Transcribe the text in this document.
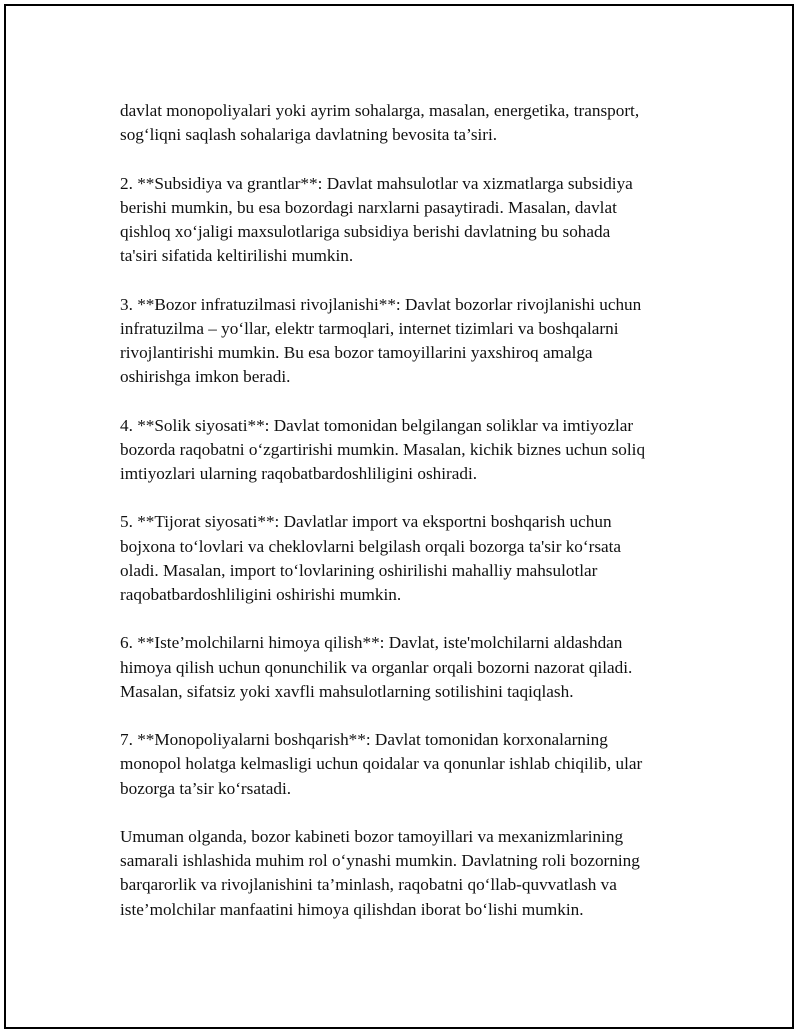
davlat monopoliyalari yoki ayrim sohalarga, masalan, energetika, transport,
sog‘liqni saqlash sohalariga davlatning bevosita ta’siri.

2. **Subsidiya va grantlar**: Davlat mahsulotlar va xizmatlarga subsidiya
berishi mumkin, bu esa bozordagi narxlarni pasaytiradi. Masalan, davlat
qishloq xo‘jaligi maxsulotlariga subsidiya berishi davlatning bu sohada
ta'siri sifatida keltirilishi mumkin.

3. **Bozor infratuzilmasi rivojlanishi**: Davlat bozorlar rivojlanishi uchun
infratuzilma – yo‘llar, elektr tarmoqlari, internet tizimlari va boshqalarni
rivojlantirishi mumkin. Bu esa bozor tamoyillarini yaxshiroq amalga
oshirishga imkon beradi.

4. **Solik siyosati**: Davlat tomonidan belgilangan soliklar va imtiyozlar
bozorda raqobatni o‘zgartirishi mumkin. Masalan, kichik biznes uchun soliq
imtiyozlari ularning raqobatbardoshliligini oshiradi.

5. **Tijorat siyosati**: Davlatlar import va eksportni boshqarish uchun
bojxona to‘lovlari va cheklovlarni belgilash orqali bozorga ta'sir ko‘rsata
oladi. Masalan, import to‘lovlarining oshirilishi mahalliy mahsulotlar
raqobatbardoshliligini oshirishi mumkin.

6. **Iste’molchilarni himoya qilish**: Davlat, iste'molchilarni aldashdan
himoya qilish uchun qonunchilik va organlar orqali bozorni nazorat qiladi.
Masalan, sifatsiz yoki xavfli mahsulotlarning sotilishini taqiqlash.

7. **Monopoliyalarni boshqarish**: Davlat tomonidan korxonalarning
monopol holatga kelmasligi uchun qoidalar va qonunlar ishlab chiqilib, ular
bozorga ta’sir ko‘rsatadi.

Umuman olganda, bozor kabineti bozor tamoyillari va mexanizmlarining
samarali ishlashida muhim rol o‘ynashi mumkin. Davlatning roli bozorning
barqarorlik va rivojlanishini ta’minlash, raqobatni qo‘llab-quvvatlash va
iste’molchilar manfaatini himoya qilishdan iborat bo‘lishi mumkin.
